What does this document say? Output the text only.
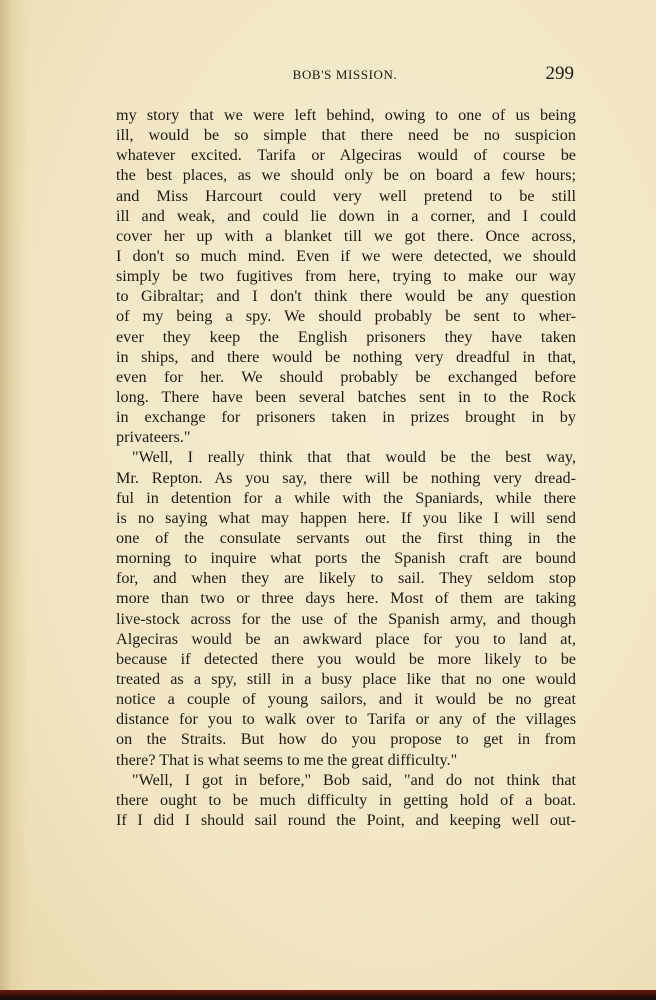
BOB'S MISSION.	299
my story that we were left behind, owing to one of us being
ill, would be so simple that there need be no suspicion
whatever excited. Tarifa or Algeciras would of course be
the best places, as we should only be on board a few hours;
and Miss Harcourt could very well pretend to be still
ill and weak, and could lie down in a corner, and I could
cover her up with a blanket till we got there. Once across,
I don't so much mind. Even if we were detected, we should
simply be two fugitives from here, trying to make our way
to Gibraltar; and I don't think there would be any question
of my being a spy. We should probably be sent to wher-
ever they keep the English prisoners they have taken
in ships, and there would be nothing very dreadful in that,
even for her. We should probably be exchanged before
long. There have been several batches sent in to the Rock
in exchange for prisoners taken in prizes brought in by
privateers."
"Well, I really think that that would be the best way,
Mr. Repton. As you say, there will be nothing very dread-
ful in detention for a while with the Spaniards, while there
is no saying what may happen here. If you like I will send
one of the consulate servants out the first thing in the
morning to inquire what ports the Spanish craft are bound
for, and when they are likely to sail. They seldom stop
more than two or three days here. Most of them are taking
live-stock across for the use of the Spanish army, and though
Algeciras would be an awkward place for you to land at,
because if detected there you would be more likely to be
treated as a spy, still in a busy place like that no one would
notice a couple of young sailors, and it would be no great
distance for you to walk over to Tarifa or any of the villages
on the Straits. But how do you propose to get in from
there? That is what seems to me the great difficulty."
"Well, I got in before," Bob said, "and do not think that
there ought to be much difficulty in getting hold of a boat.
If I did I should sail round the Point, and keeping well out-
